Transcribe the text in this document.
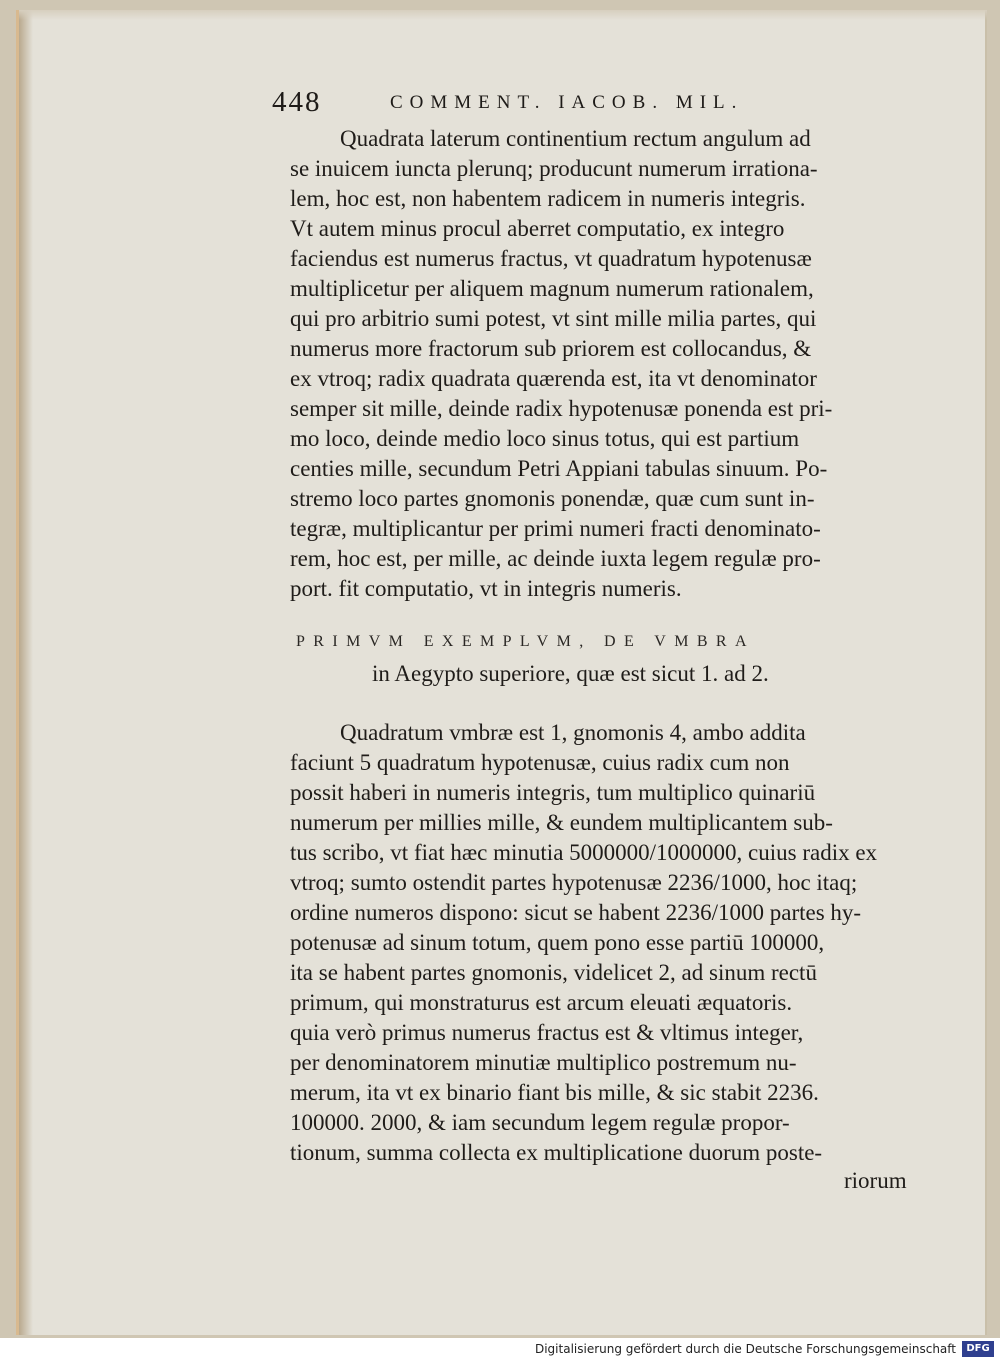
448	COMMENT. IACOB. MIL.
Quadrata laterum continentium rectum angulum ad
se inuicem iuncta plerunq; producunt numerum irrationa-
lem, hoc est, non habentem radicem in numeris integris.
Vt autem minus procul aberret computatio, ex integro
faciendus est numerus fractus, vt quadratum hypotenusæ
multiplicetur per aliquem magnum numerum rationalem,
qui pro arbitrio sumi potest, vt sint mille milia partes, qui
numerus more fractorum sub priorem est collocandus, &
ex vtroq; radix quadrata quærenda est, ita vt denominator
semper sit mille, deinde radix hypotenusæ ponenda est pri-
mo loco, deinde medio loco sinus totus, qui est partium
centies mille, secundum Petri Appiani tabulas sinuum. Po-
stremo loco partes gnomonis ponendæ, quæ cum sunt in-
tegræ, multiplicantur per primi numeri fracti denominato-
rem, hoc est, per mille, ac deinde iuxta legem regulæ pro-
port. fit computatio, vt in integris numeris.
PRIMVM EXEMPLVM, DE VMBRA
in Aegypto superiore, quæ est sicut 1. ad 2.
Quadratum vmbræ est 1, gnomonis 4, ambo addita
faciunt 5 quadratum hypotenusæ, cuius radix cum non
possit haberi in numeris integris, tum multiplico quinariū
numerum per millies mille, & eundem multiplicantem sub-
tus scribo, vt fiat hæc minutia 5000000/1000000, cuius radix ex
vtroq; sumto ostendit partes hypotenusæ 2236/1000, hoc itaq;
ordine numeros dispono: sicut se habent 2236/1000 partes hy-
potenusæ ad sinum totum, quem pono esse partiū 100000,
ita se habent partes gnomonis, videlicet 2, ad sinum rectū
primum, qui monstraturus est arcum eleuati æquatoris.
quia verò primus numerus fractus est & vltimus integer,
per denominatorem minutiæ multiplico postremum nu-
merum, ita vt ex binario fiant bis mille, & sic stabit 2236.
100000. 2000, & iam secundum legem regulæ propor-
tionum, summa collecta ex multiplicatione duorum poste-
riorum
Digitalisierung gefördert durch die Deutsche Forschungsgemeinschaft	DFG
